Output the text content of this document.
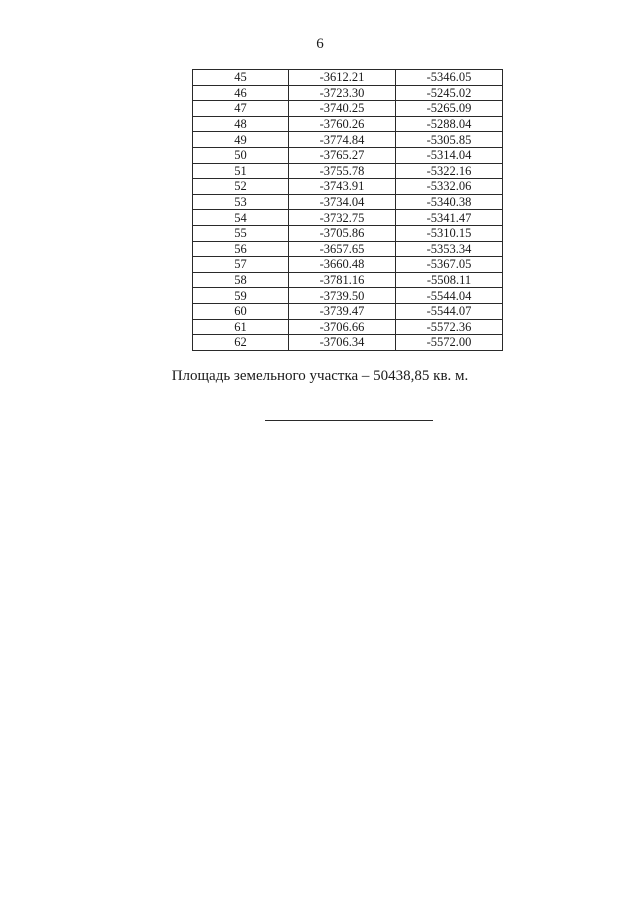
6
45	-3612.21	-5346.05
46	-3723.30	-5245.02
47	-3740.25	-5265.09
48	-3760.26	-5288.04
49	-3774.84	-5305.85
50	-3765.27	-5314.04
51	-3755.78	-5322.16
52	-3743.91	-5332.06
53	-3734.04	-5340.38
54	-3732.75	-5341.47
55	-3705.86	-5310.15
56	-3657.65	-5353.34
57	-3660.48	-5367.05
58	-3781.16	-5508.11
59	-3739.50	-5544.04
60	-3739.47	-5544.07
61	-3706.66	-5572.36
62	-3706.34	-5572.00
Площадь земельного участка – 50438,85 кв. м.
